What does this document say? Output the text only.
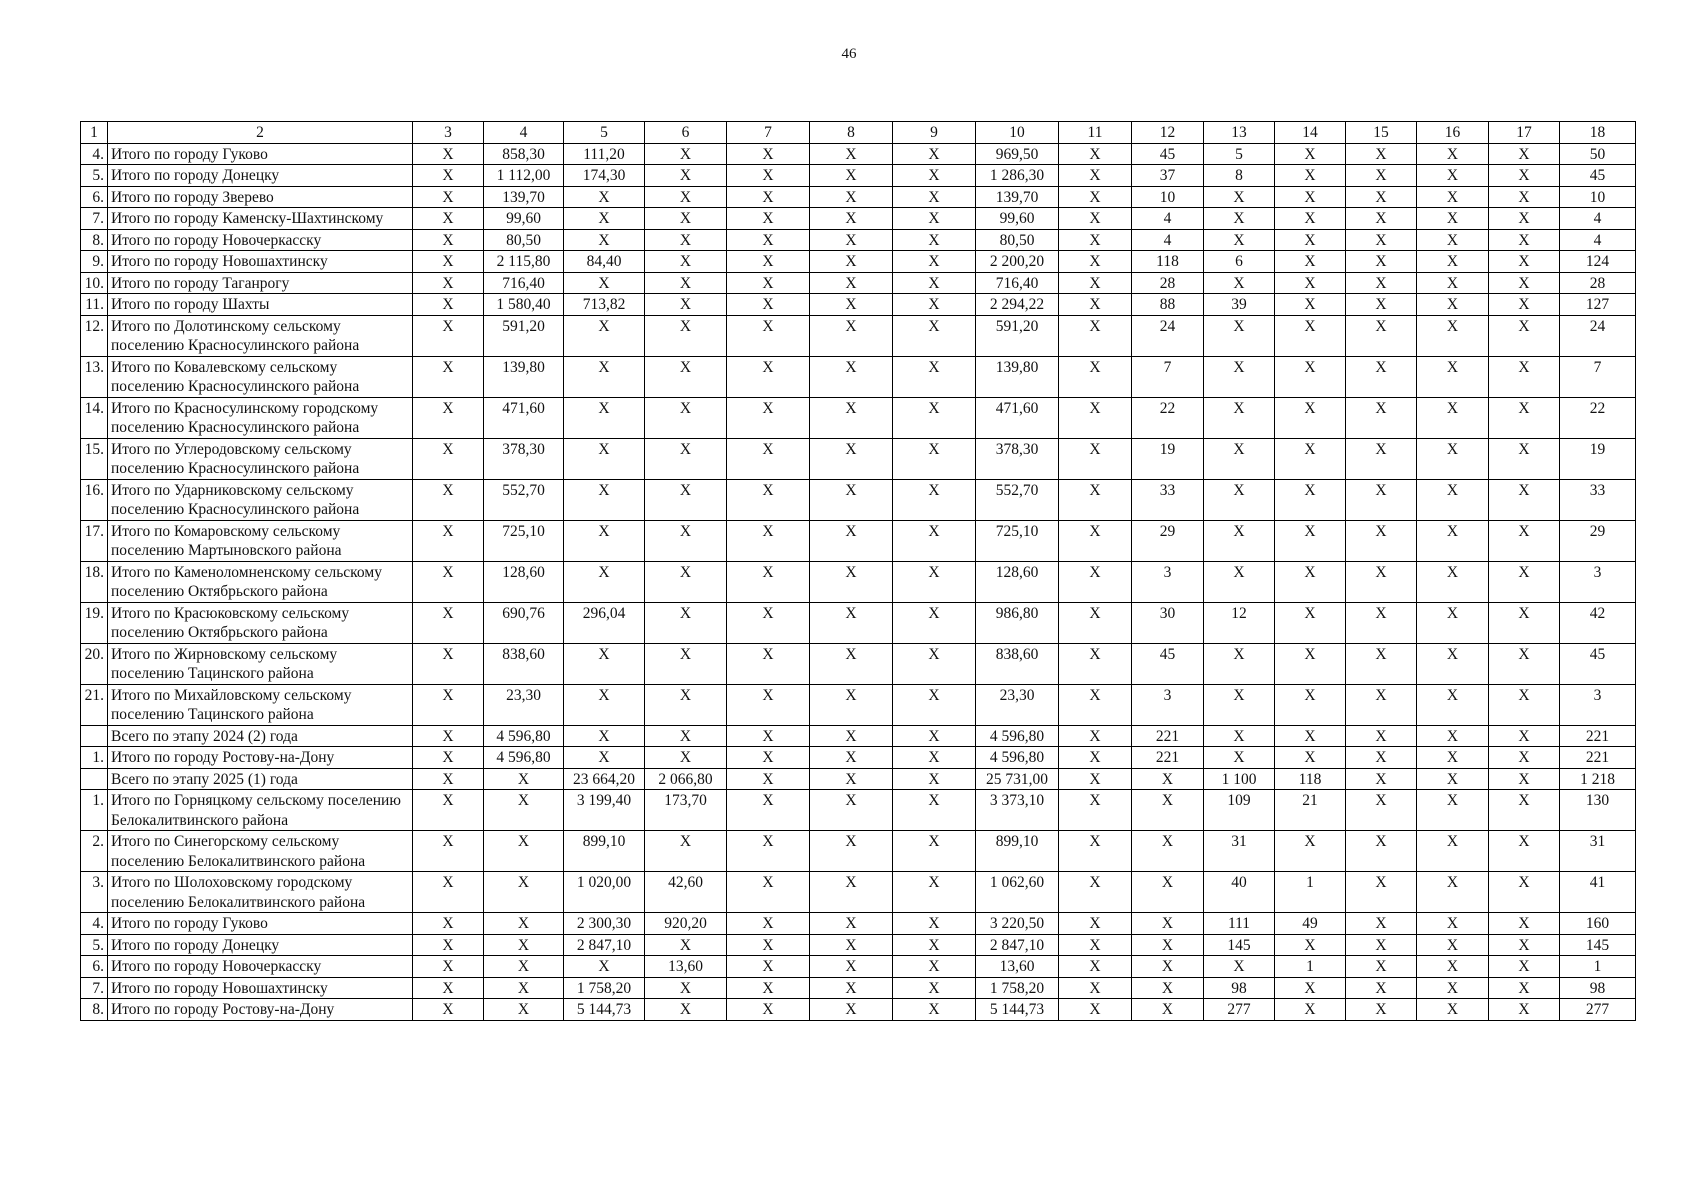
46
1	2	3	4	5	6	7	8	9	10	11	12	13	14	15	16	17	18
4.	Итого по городу Гуково	X	858,30	111,20	X	X	X	X	969,50	X	45	5	X	X	X	X	50
5.	Итого по городу Донецку	X	1 112,00	174,30	X	X	X	X	1 286,30	X	37	8	X	X	X	X	45
6.	Итого по городу Зверево	X	139,70	X	X	X	X	X	139,70	X	10	X	X	X	X	X	10
7.	Итого по городу Каменску-Шахтинскому	X	99,60	X	X	X	X	X	99,60	X	4	X	X	X	X	X	4
8.	Итого по городу Новочеркасску	X	80,50	X	X	X	X	X	80,50	X	4	X	X	X	X	X	4
9.	Итого по городу Новошахтинску	X	2 115,80	84,40	X	X	X	X	2 200,20	X	118	6	X	X	X	X	124
10.	Итого по городу Таганрогу	X	716,40	X	X	X	X	X	716,40	X	28	X	X	X	X	X	28
11.	Итого по городу Шахты	X	1 580,40	713,82	X	X	X	X	2 294,22	X	88	39	X	X	X	X	127
12.	Итого по Долотинскому сельскому поселению Красносулинского района	X	591,20	X	X	X	X	X	591,20	X	24	X	X	X	X	X	24
13.	Итого по Ковалевскому сельскому поселению Красносулинского района	X	139,80	X	X	X	X	X	139,80	X	7	X	X	X	X	X	7
14.	Итого по Красносулинскому городскому поселению Красносулинского района	X	471,60	X	X	X	X	X	471,60	X	22	X	X	X	X	X	22
15.	Итого по Углеродовскому сельскому поселению Красносулинского района	X	378,30	X	X	X	X	X	378,30	X	19	X	X	X	X	X	19
16.	Итого по Ударниковскому сельскому поселению Красносулинского района	X	552,70	X	X	X	X	X	552,70	X	33	X	X	X	X	X	33
17.	Итого по Комаровскому сельскому поселению Мартыновского района	X	725,10	X	X	X	X	X	725,10	X	29	X	X	X	X	X	29
18.	Итого по Каменоломненскому сельскому поселению Октябрьского района	X	128,60	X	X	X	X	X	128,60	X	3	X	X	X	X	X	3
19.	Итого по Красюковскому сельскому поселению Октябрьского района	X	690,76	296,04	X	X	X	X	986,80	X	30	12	X	X	X	X	42
20.	Итого по Жирновскому сельскому поселению Тацинского района	X	838,60	X	X	X	X	X	838,60	X	45	X	X	X	X	X	45
21.	Итого по Михайловскому сельскому поселению Тацинского района	X	23,30	X	X	X	X	X	23,30	X	3	X	X	X	X	X	3
	Всего по этапу 2024 (2) года	X	4 596,80	X	X	X	X	X	4 596,80	X	221	X	X	X	X	X	221
1.	Итого по городу Ростову-на-Дону	X	4 596,80	X	X	X	X	X	4 596,80	X	221	X	X	X	X	X	221
	Всего по этапу 2025 (1) года	X	X	23 664,20	2 066,80	X	X	X	25 731,00	X	X	1 100	118	X	X	X	1 218
1.	Итого по Горняцкому сельскому поселению Белокалитвинского района	X	X	3 199,40	173,70	X	X	X	3 373,10	X	X	109	21	X	X	X	130
2.	Итого по Синегорскому сельскому поселению Белокалитвинского района	X	X	899,10	X	X	X	X	899,10	X	X	31	X	X	X	X	31
3.	Итого по Шолоховскому городскому поселению Белокалитвинского района	X	X	1 020,00	42,60	X	X	X	1 062,60	X	X	40	1	X	X	X	41
4.	Итого по городу Гуково	X	X	2 300,30	920,20	X	X	X	3 220,50	X	X	111	49	X	X	X	160
5.	Итого по городу Донецку	X	X	2 847,10	X	X	X	X	2 847,10	X	X	145	X	X	X	X	145
6.	Итого по городу Новочеркасску	X	X	X	13,60	X	X	X	13,60	X	X	X	1	X	X	X	1
7.	Итого по городу Новошахтинску	X	X	1 758,20	X	X	X	X	1 758,20	X	X	98	X	X	X	X	98
8.	Итого по городу Ростову-на-Дону	X	X	5 144,73	X	X	X	X	5 144,73	X	X	277	X	X	X	X	277
